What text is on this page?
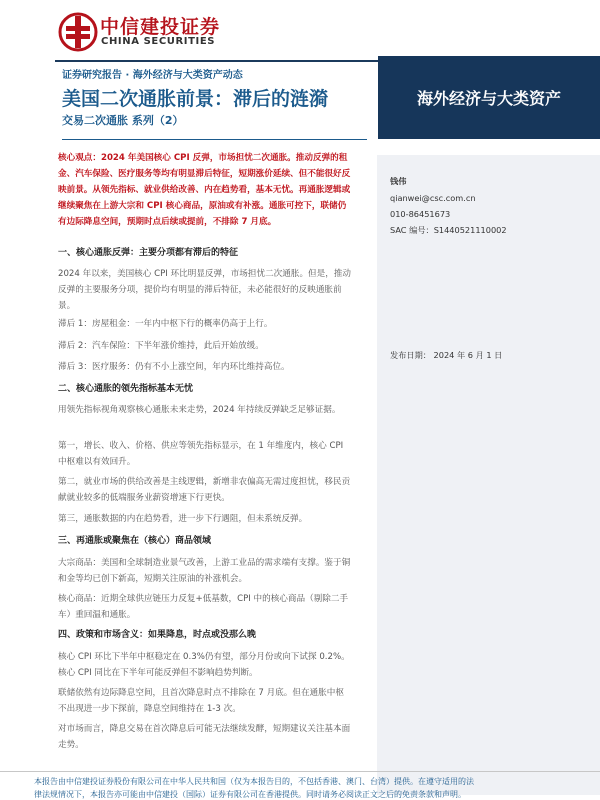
中信建投证券
CHINA SECURITIES
证券研究报告 · 海外经济与大类资产动态
美国二次通胀前景：滞后的涟漪
交易二次通胀 系列（2）
海外经济与大类资产
钱伟
qianwei@csc.com.cn
010-86451673
SAC 编号：S1440521110002
发布日期： 2024 年 6 月 1 日
核心观点：2024 年美国核心 CPI 反弹，市场担忧二次通胀。推动反弹的租金、汽车保险、医疗服务等均有明显滞后特征，短期涨价延续、但不能很好反映前景。从领先指标、就业供给改善、内在趋势看，基本无忧。再通胀逻辑或继续聚焦在上游大宗和 CPI 核心商品，原油或有补涨。通胀可控下，联储仍有边际降息空间，预期时点后续或提前，不排除 7 月底。
一、核心通胀反弹：主要分项都有滞后的特征
2024 年以来，美国核心 CPI 环比明显反弹，市场担忧二次通胀。但是，推动反弹的主要服务分项，提价均有明显的滞后特征，未必能很好的反映通胀前景。
滞后 1：房屋租金：一年内中枢下行的概率仍高于上行。
滞后 2：汽车保险：下半年涨价维持，此后开始放缓。
滞后 3：医疗服务：仍有不小上涨空间，年内环比维持高位。
二、核心通胀的领先指标基本无忧
用领先指标视角观察核心通胀未来走势，2024 年持续反弹缺乏足够证据。
第一，增长、收入、价格、供应等领先指标显示，在 1 年维度内，核心 CPI 中枢难以有效回升。
第二，就业市场的供给改善是主线逻辑，新增非农偏高无需过度担忧，移民贡献就业较多的低端服务业薪资增速下行更快。
第三，通胀数据的内在趋势看，进一步下行遇阻，但未系统反弹。
三、再通胀或聚焦在（核心）商品领域
大宗商品：美国和全球制造业景气改善，上游工业品的需求端有支撑。鉴于铜和金等均已创下新高，短期关注原油的补涨机会。
核心商品：近期全球供应链压力反复+低基数，CPI 中的核心商品（剔除二手车）重回温和通胀。
四、政策和市场含义：如果降息，时点或没那么晚
核心 CPI 环比下半年中枢稳定在 0.3%仍有望，部分月份或向下试探 0.2%。核心 CPI 同比在下半年可能反弹但不影响趋势判断。
联储依然有边际降息空间，且首次降息时点不排除在 7 月底。但在通胀中枢不出现进一步下探前，降息空间维持在 1-3 次。
对市场而言，降息交易在首次降息后可能无法继续发酵，短期建议关注基本面走势。
本报告由中信建投证券股份有限公司在中华人民共和国（仅为本报告目的，不包括香港、澳门、台湾）提供。在遵守适用的法
律法规情况下，本报告亦可能由中信建投（国际）证券有限公司在香港提供。同时请务必阅读正文之后的免责条款和声明。
